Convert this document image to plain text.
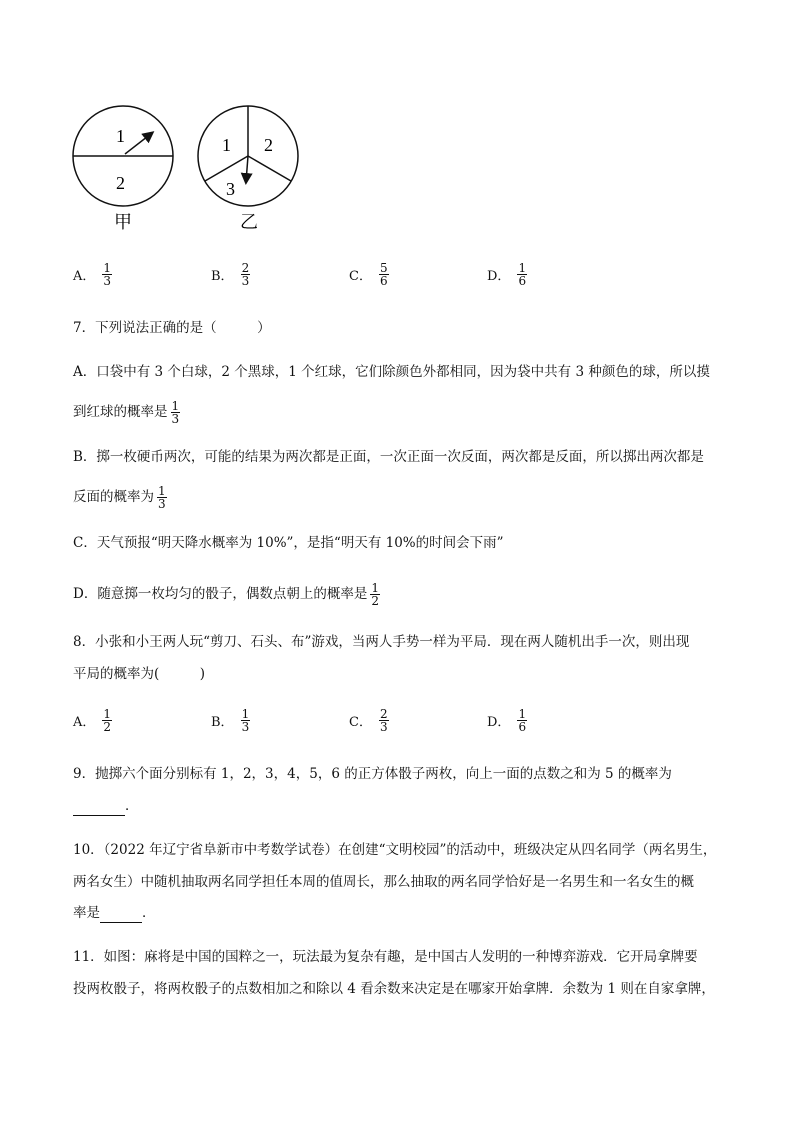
1
2
甲
1 2
3
乙
A． $\frac{1}{3}$	B． $\frac{2}{3}$	C． $\frac{5}{6}$	D． $\frac{1}{6}$
7．下列说法正确的是（　　　）
A．口袋中有 3 个白球，2 个黑球，1 个红球，它们除颜色外都相同，因为袋中共有 3 种颜色的球，所以摸
到红球的概率是 $\frac{1}{3}$
B．掷一枚硬币两次，可能的结果为两次都是正面，一次正面一次反面，两次都是反面，所以掷出两次都是
反面的概率为 $\frac{1}{3}$
C．天气预报“明天降水概率为 10%”，是指“明天有 10%的时间会下雨”
D．随意掷一枚均匀的骰子，偶数点朝上的概率是 $\frac{1}{2}$
8．小张和小王两人玩“剪刀、石头、布”游戏，当两人手势一样为平局．现在两人随机出手一次，则出现
平局的概率为(　　　)
A． $\frac{1}{2}$	B． $\frac{1}{3}$	C． $\frac{2}{3}$	D． $\frac{1}{6}$
9．抛掷六个面分别标有 1，2，3，4，5，6 的正方体骰子两枚，向上一面的点数之和为 5 的概率为
．
10．（2022 年辽宁省阜新市中考数学试卷）在创建“文明校园”的活动中，班级决定从四名同学（两名男生，
两名女生）中随机抽取两名同学担任本周的值周长，那么抽取的两名同学恰好是一名男生和一名女生的概
率是	．
11．如图：麻将是中国的国粹之一，玩法最为复杂有趣，是中国古人发明的一种博弈游戏．它开局拿牌要
投两枚骰子，将两枚骰子的点数相加之和除以 4 看余数来决定是在哪家开始拿牌．余数为 1 则在自家拿牌，
